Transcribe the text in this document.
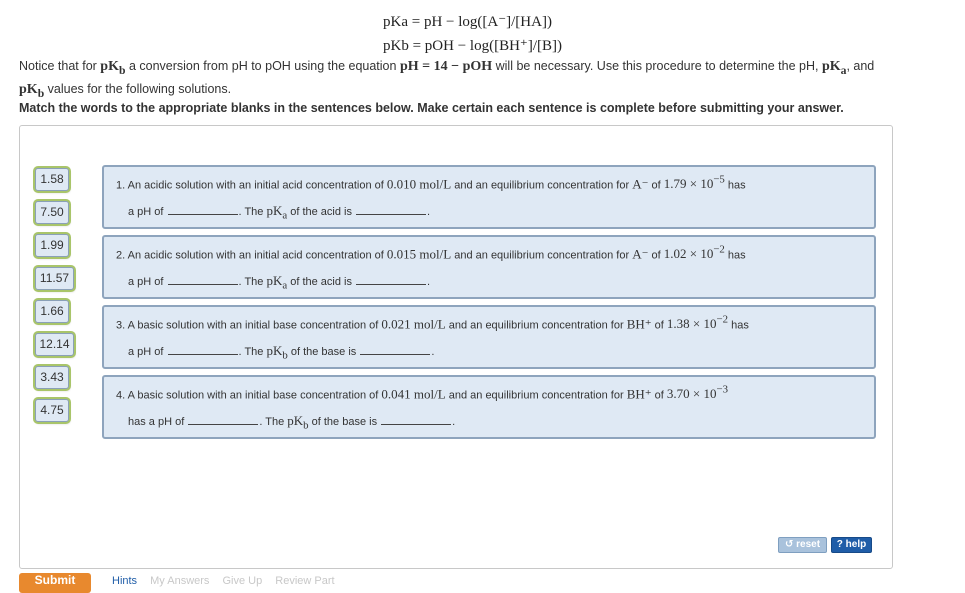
pKa = pH − log([A⁻]/[HA])
pKb = pOH − log([BH⁺]/[B])
Notice that for $pK_b$ a conversion from pH to pOH using the equation pH = 14 − pOH will be necessary. Use this procedure to determine the pH, $pK_a$, and
$pK_b$ values for the following solutions.
Match the words to the appropriate blanks in the sentences below. Make certain each sentence is complete before submitting your answer.
1.58
7.50
1.99
11.57
1.66
12.14
3.43
4.75
1. An acidic solution with an initial acid concentration of 0.010 mol/L and an equilibrium concentration for A⁻ of $1.79 \times 10^{-5}$ has
a pH of	. The $pK_a$ of the acid is	.
2. An acidic solution with an initial acid concentration of 0.015 mol/L and an equilibrium concentration for A⁻ of $1.02 \times 10^{-2}$ has
a pH of	. The $pK_a$ of the acid is	.
3. A basic solution with an initial base concentration of 0.021 mol/L and an equilibrium concentration for BH⁺ of $1.38 \times 10^{-2}$ has
a pH of	. The $pK_b$ of the base is	.
4. A basic solution with an initial base concentration of 0.041 mol/L and an equilibrium concentration for BH⁺ of $3.70 \times 10^{-3}$
has a pH of	. The $pK_b$ of the base is	.
↺ reset	? help
Submit	Hints My Answers Give Up Review Part
